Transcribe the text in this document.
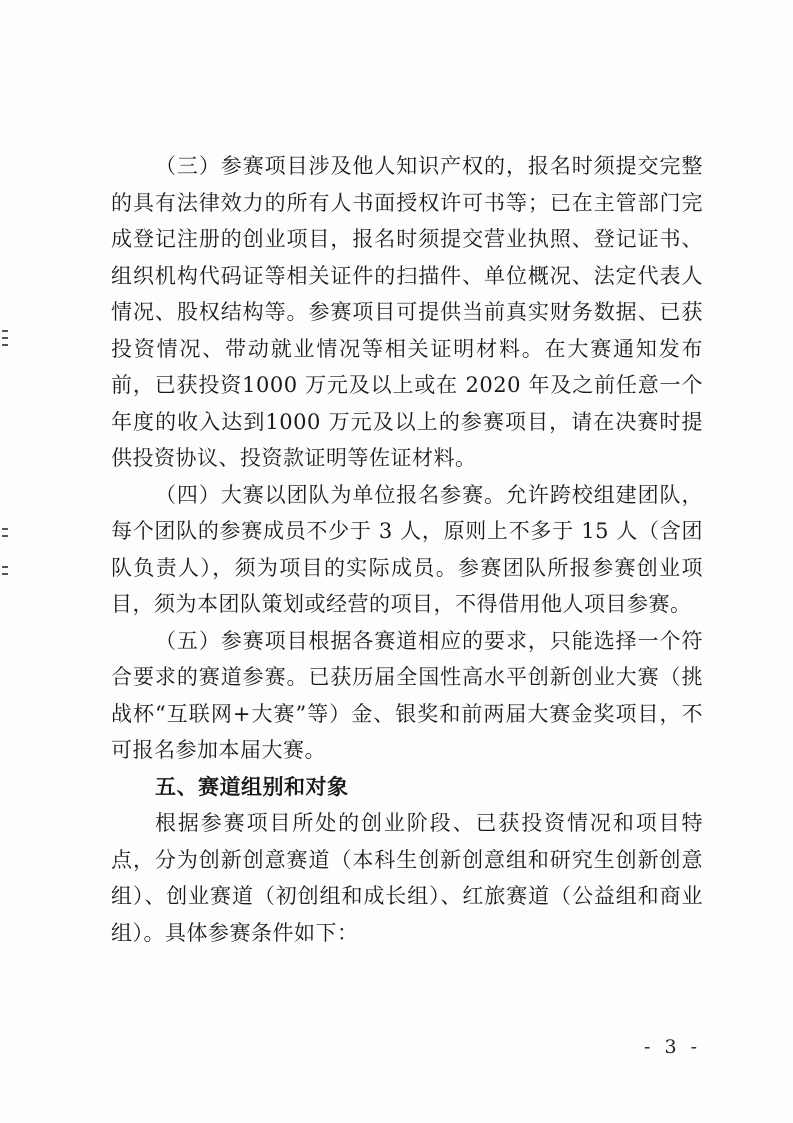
（三）参赛项目涉及他人知识产权的，报名时须提交完整的具有法律效力的所有人书面授权许可书等；已在主管部门完成登记注册的创业项目，报名时须提交营业执照、登记证书、组织机构代码证等相关证件的扫描件、单位概况、法定代表人情况、股权结构等。参赛项目可提供当前真实财务数据、已获投资情况、带动就业情况等相关证明材料。在大赛通知发布前，已获投资1000 万元及以上或在 2020 年及之前任意一个年度的收入达到1000 万元及以上的参赛项目，请在决赛时提供投资协议、投资款证明等佐证材料。

（四）大赛以团队为单位报名参赛。允许跨校组建团队，每个团队的参赛成员不少于 3 人，原则上不多于 15 人（含团队负责人），须为项目的实际成员。参赛团队所报参赛创业项目，须为本团队策划或经营的项目，不得借用他人项目参赛。

（五）参赛项目根据各赛道相应的要求，只能选择一个符合要求的赛道参赛。已获历届全国性高水平创新创业大赛（挑战杯“互联网+大赛”等）金、银奖和前两届大赛金奖项目，不可报名参加本届大赛。

五、赛道组别和对象

根据参赛项目所处的创业阶段、已获投资情况和项目特点，分为创新创意赛道（本科生创新创意组和研究生创新创意组）、创业赛道（初创组和成长组）、红旅赛道（公益组和商业组）。具体参赛条件如下：

- 3 -
